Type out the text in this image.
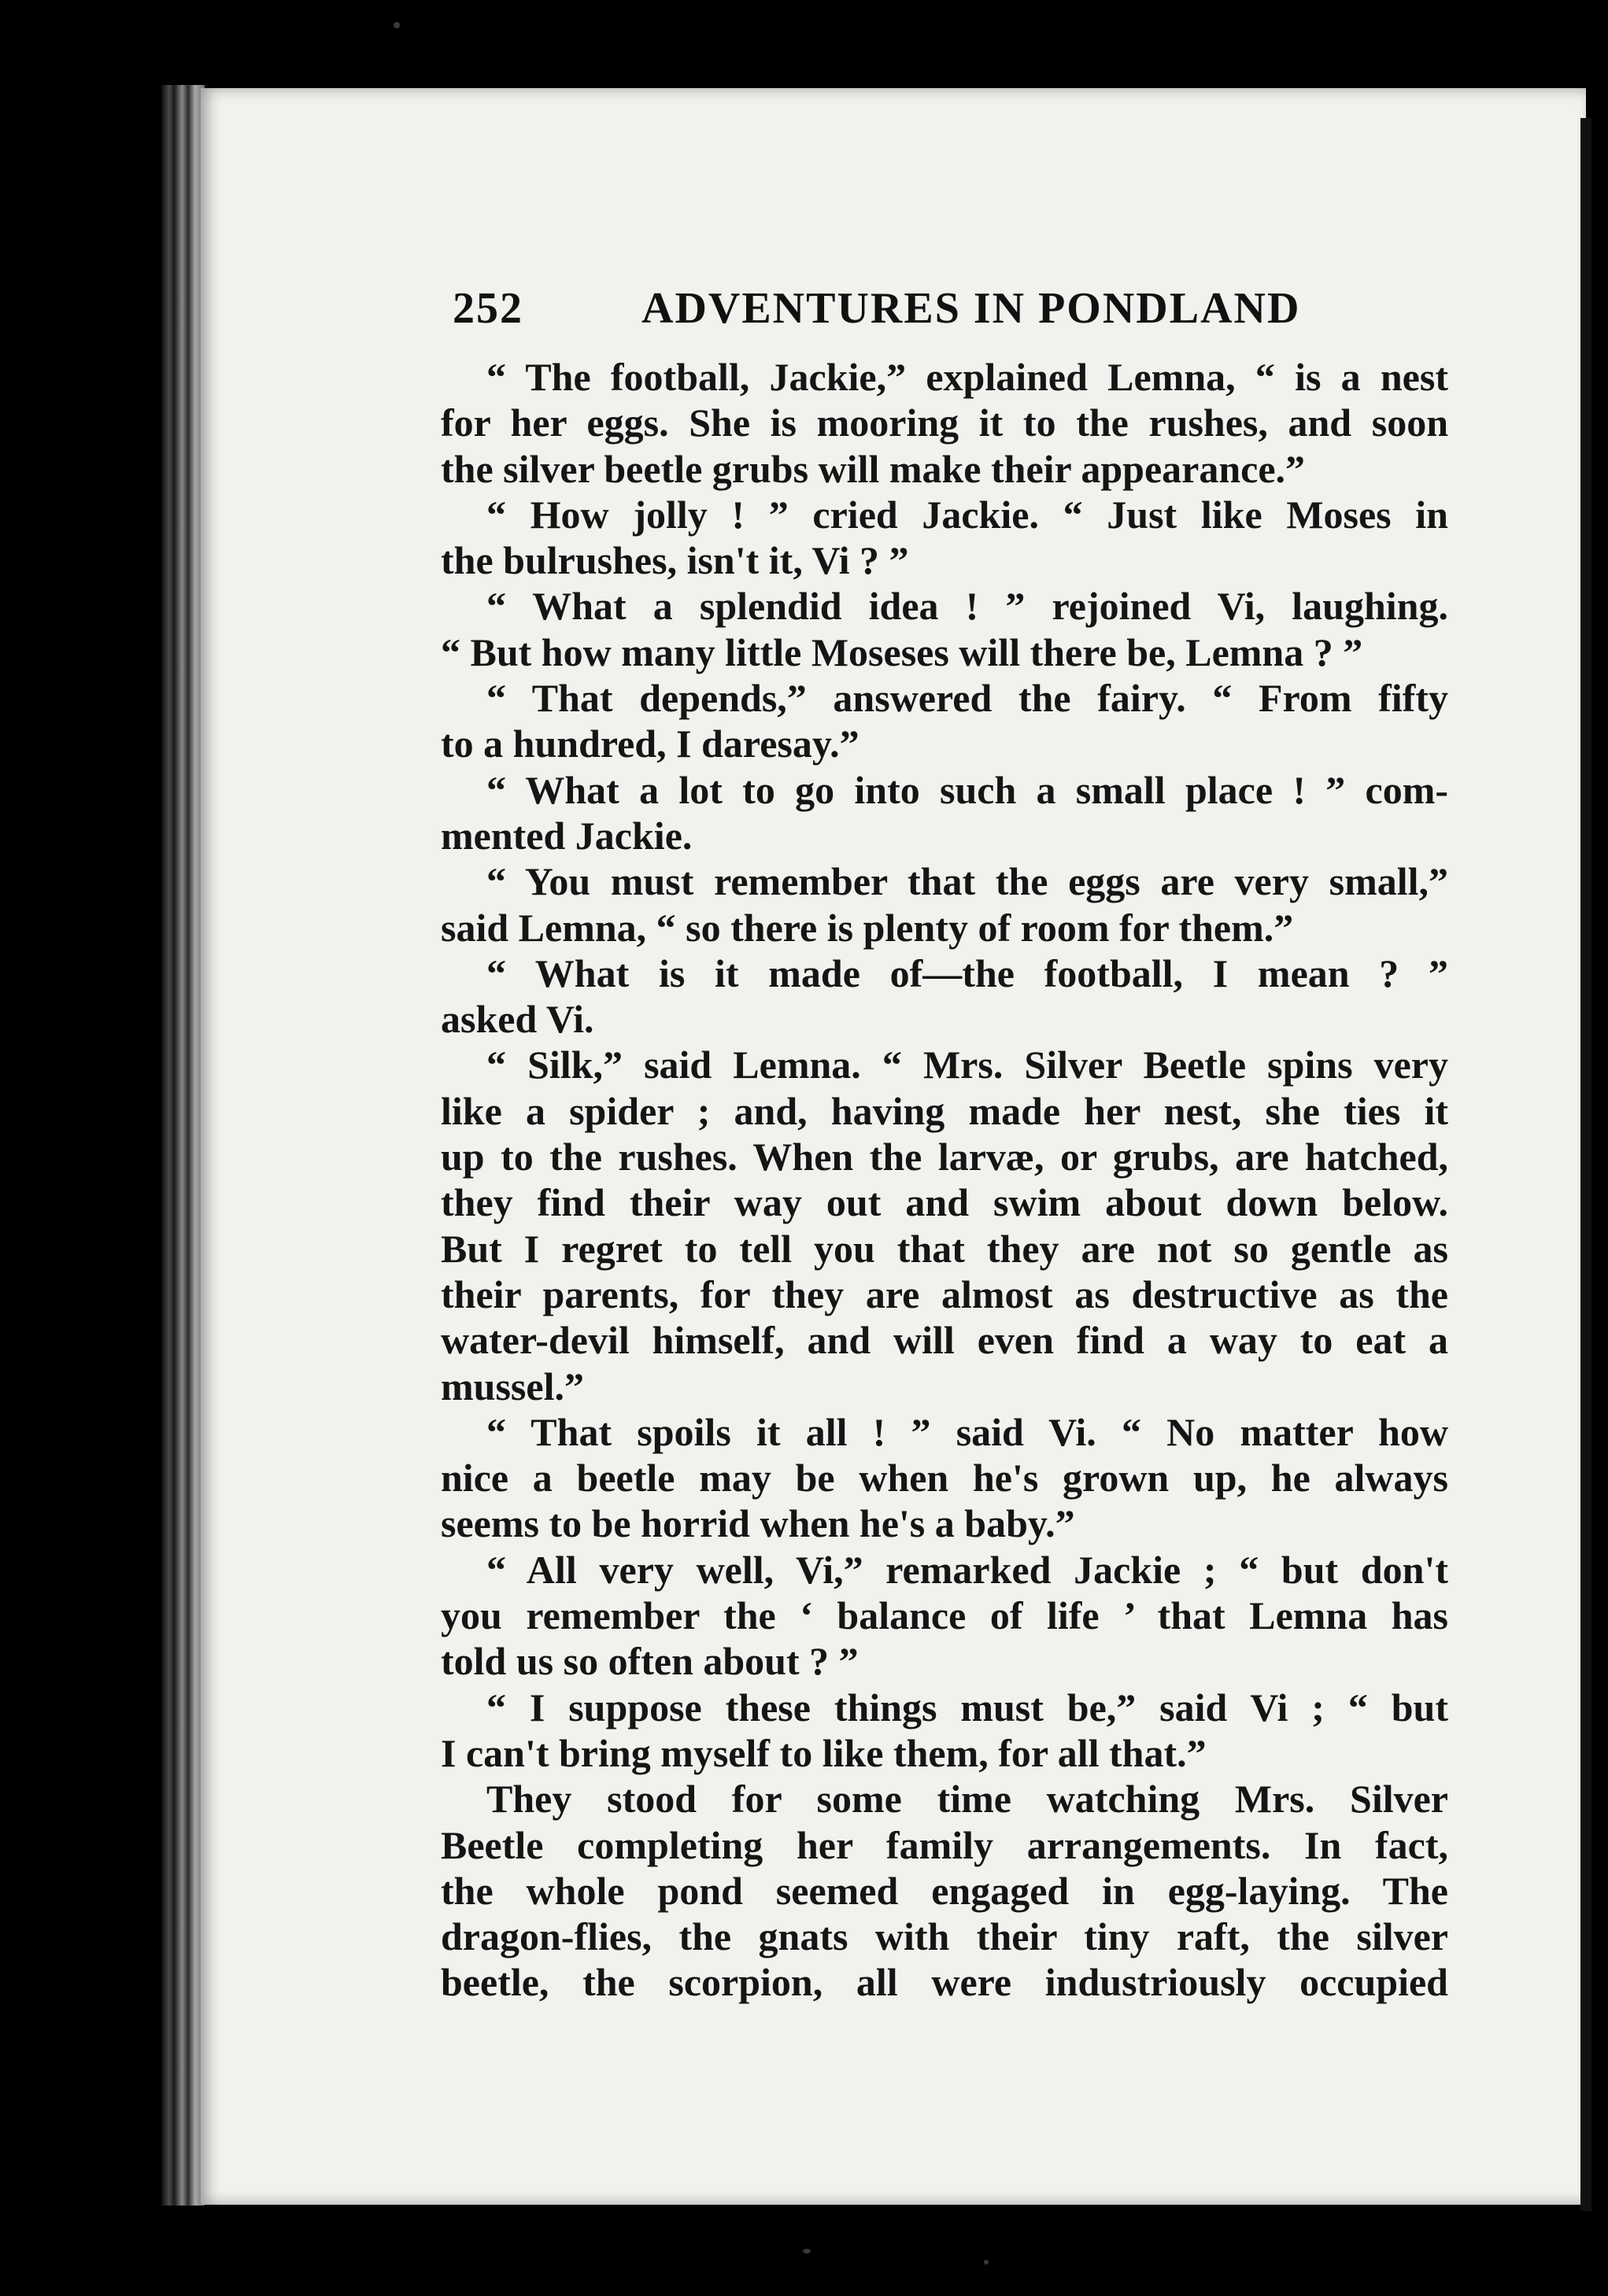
252	ADVENTURES IN PONDLAND
“ The football, Jackie,” explained Lemna, “ is a nest
for her eggs. She is mooring it to the rushes, and soon
the silver beetle grubs will make their appearance.”
“ How jolly ! ” cried Jackie. “ Just like Moses in
the bulrushes, isn't it, Vi ? ”
“ What a splendid idea ! ” rejoined Vi, laughing.
“ But how many little Moseses will there be, Lemna ? ”
“ That depends,” answered the fairy. “ From fifty
to a hundred, I daresay.”
“ What a lot to go into such a small place ! ” com-
mented Jackie.
“ You must remember that the eggs are very small,”
said Lemna, “ so there is plenty of room for them.”
“ What is it made of—the football, I mean ? ”
asked Vi.
“ Silk,” said Lemna. “ Mrs. Silver Beetle spins very
like a spider ; and, having made her nest, she ties it
up to the rushes. When the larvæ, or grubs, are hatched,
they find their way out and swim about down below.
But I regret to tell you that they are not so gentle as
their parents, for they are almost as destructive as the
water-devil himself, and will even find a way to eat a
mussel.”
“ That spoils it all ! ” said Vi. “ No matter how
nice a beetle may be when he's grown up, he always
seems to be horrid when he's a baby.”
“ All very well, Vi,” remarked Jackie ; “ but don't
you remember the ‘ balance of life ’ that Lemna has
told us so often about ? ”
“ I suppose these things must be,” said Vi ; “ but
I can't bring myself to like them, for all that.”
They stood for some time watching Mrs. Silver
Beetle completing her family arrangements. In fact,
the whole pond seemed engaged in egg-laying. The
dragon-flies, the gnats with their tiny raft, the silver
beetle, the scorpion, all were industriously occupied
